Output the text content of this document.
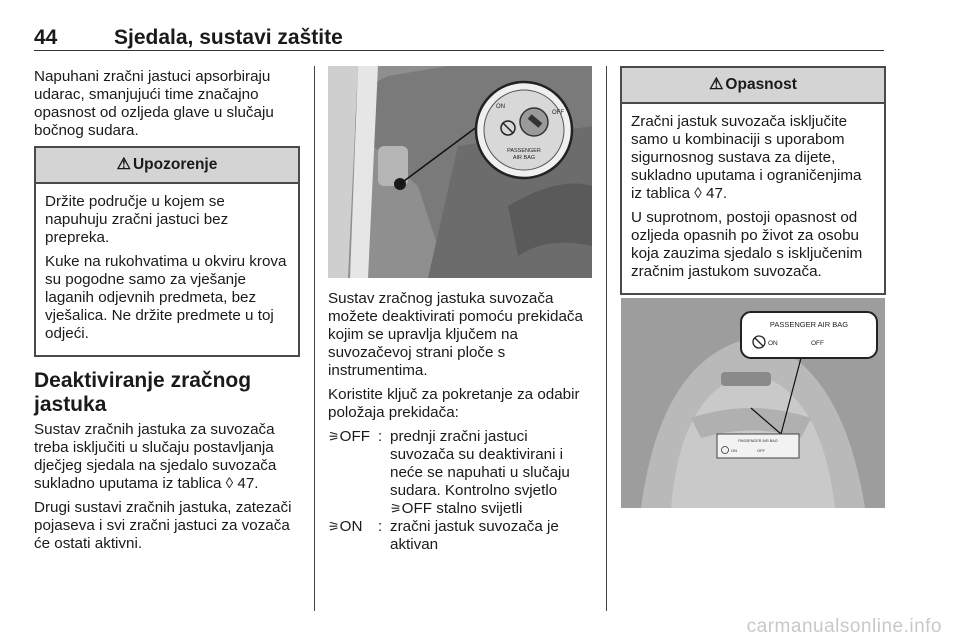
44	Sjedala, sustavi zaštite

Napuhani zračni jastuci apsorbiraju udarac, smanjujući time značajno opasnost od ozljeda glave u slučaju bočnog sudara.

⚠ Upozorenje

Držite područje u kojem se napuhuju zračni jastuci bez prepreka.

Kuke na rukohvatima u okviru krova su pogodne samo za vješanje laganih odjevnih predmeta, bez vješalica. Ne držite predmete u toj odjeći.

Deaktiviranje zračnog jastuka

Sustav zračnih jastuka za suvozača treba isključiti u slučaju postavljanja dječjeg sjedala na sjedalo suvozača sukladno uputama iz tablica ◊ 47.

Drugi sustavi zračnih jastuka, zatezači pojaseva i svi zračni jastuci za vozača će ostati aktivni.

ON
OFF
PASSENGER
AIR BAG

Sustav zračnog jastuka suvozača možete deaktivirati pomoću prekidača kojim se upravlja ključem na suvozačevoj strani ploče s instrumentima.

Koristite ključ za pokretanje za odabir položaja prekidača:

⚞OFF : prednji zračni jastuci suvozača su deaktivirani i neće se napuhati u slučaju sudara. Kontrolno svjetlo
⚞OFF stalno svijetli
⚞ON	: zračni jastuk suvozača je aktivan
⚠ Opasnost

Zračni jastuk suvozača isključite samo u kombinaciji s uporabom sigurnosnog sustava za dijete, sukladno uputama i ograničenjima iz tablica ◊ 47.

U suprotnom, postoji opasnost od ozljeda opasnih po život za osobu koja zauzima sjedalo s isključenim zračnim jastukom suvozača.

PASSENGER AIR BAG
ON	OFF
PASSENGER AIR BAG
ON	OFF
carmanualsonline.info
